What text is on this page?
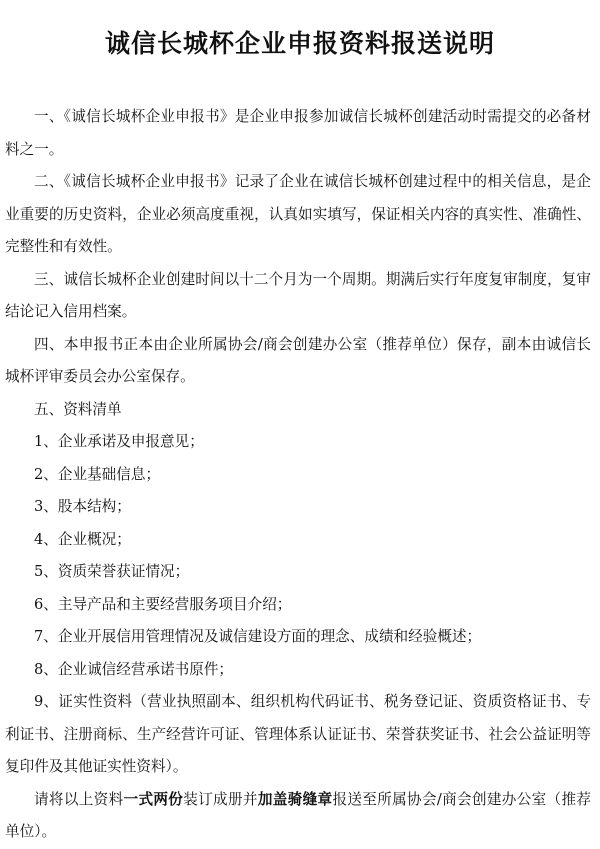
诚信长城杯企业申报资料报送说明

一、《诚信长城杯企业申报书》是企业申报参加诚信长城杯创建活动时需提交的必备材料之一。

二、《诚信长城杯企业申报书》记录了企业在诚信长城杯创建过程中的相关信息，是企业重要的历史资料，企业必须高度重视，认真如实填写，保证相关内容的真实性、准确性、完整性和有效性。

三、诚信长城杯企业创建时间以十二个月为一个周期。期满后实行年度复审制度，复审结论记入信用档案。

四、本申报书正本由企业所属协会/商会创建办公室（推荐单位）保存，副本由诚信长城杯评审委员会办公室保存。

五、资料清单

1、企业承诺及申报意见；

2、企业基础信息；

3、股本结构；

4、企业概况；

5、资质荣誉获证情况；

6、主导产品和主要经营服务项目介绍；

7、企业开展信用管理情况及诚信建设方面的理念、成绩和经验概述；

8、企业诚信经营承诺书原件；

9、证实性资料（营业执照副本、组织机构代码证书、税务登记证、资质资格证书、专利证书、注册商标、生产经营许可证、管理体系认证证书、荣誉获奖证书、社会公益证明等复印件及其他证实性资料）。

请将以上资料一式两份装订成册并加盖骑缝章报送至所属协会/商会创建办公室（推荐单位）。
